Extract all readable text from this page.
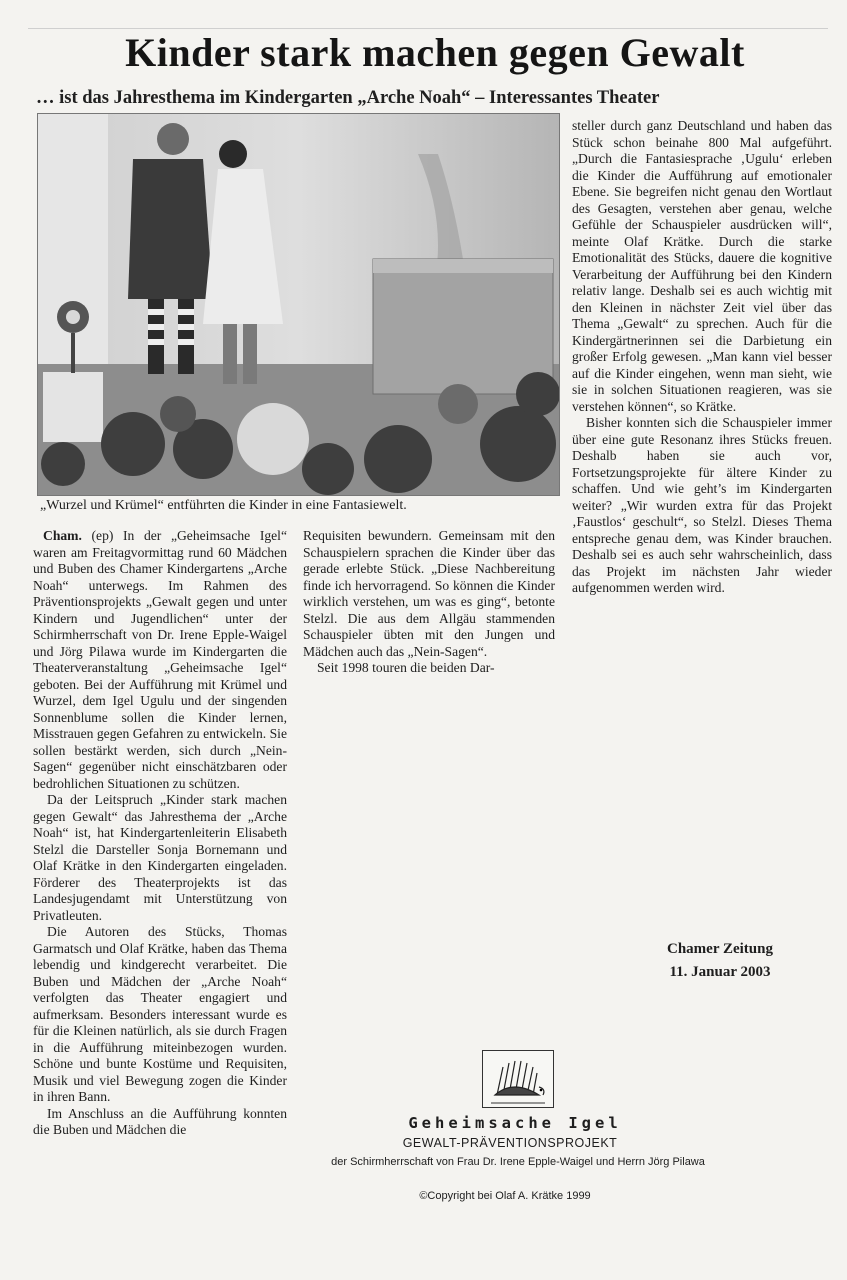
Kinder stark machen gegen Gewalt
… ist das Jahresthema im Kindergarten „Arche Noah“ – Interessantes Theater
„Wurzel und Krümel“ entführten die Kinder in eine Fantasiewelt.

Cham. (ep) In der „Geheimsache Igel“ waren am Freitagvormittag rund 60 Mädchen und Buben des Chamer Kindergartens „Arche Noah“ unterwegs. Im Rahmen des Präventionsprojekts „Gewalt gegen und unter Kindern und Jugendlichen“ unter der Schirmherrschaft von Dr. Irene Epple-Waigel und Jörg Pilawa wurde im Kindergarten die Theaterveranstaltung „Geheimsache Igel“ geboten. Bei der Aufführung mit Krümel und Wurzel, dem Igel Ugulu und der singenden Sonnenblume sollen die Kinder lernen, Misstrauen gegen Gefahren zu entwickeln. Sie sollen bestärkt werden, sich durch „Nein-Sagen“ gegenüber nicht einschätzbaren oder bedrohlichen Situationen zu schützen.

Da der Leitspruch „Kinder stark machen gegen Gewalt“ das Jahresthema der „Arche Noah“ ist, hat Kindergartenleiterin Elisabeth Stelzl die Darsteller Sonja Bornemann und Olaf Krätke in den Kindergarten eingeladen. Förderer des Theaterprojekts ist das Landesjugendamt mit Unterstützung von Privatleuten.

Die Autoren des Stücks, Thomas Garmatsch und Olaf Krätke, haben das Thema lebendig und kindgerecht verarbeitet. Die Buben und Mädchen der „Arche Noah“ verfolgten das Theater engagiert und aufmerksam. Besonders interessant wurde es für die Kleinen natürlich, als sie durch Fragen in die Aufführung miteinbezogen wurden. Schöne und bunte Kostüme und Requisiten, Musik und viel Bewegung zogen die Kinder in ihren Bann.

Im Anschluss an die Aufführung konnten die Buben und Mädchen die

Requisiten bewundern. Gemeinsam mit den Schauspielern sprachen die Kinder über das gerade erlebte Stück. „Diese Nachbereitung finde ich hervorragend. So können die Kinder wirklich verstehen, um was es ging“, betonte Stelzl. Die aus dem Allgäu stammenden Schauspieler übten mit den Jungen und Mädchen auch das „Nein-Sagen“.

Seit 1998 touren die beiden Dar-

steller durch ganz Deutschland und haben das Stück schon beinahe 800 Mal aufgeführt. „Durch die Fantasiesprache ‚Ugulu‘ erleben die Kinder die Aufführung auf emotionaler Ebene. Sie begreifen nicht genau den Wortlaut des Gesagten, verstehen aber genau, welche Gefühle der Schauspieler ausdrücken will“, meinte Olaf Krätke. Durch die starke Emotionalität des Stücks, dauere die kognitive Verarbeitung der Aufführung bei den Kindern relativ lange. Deshalb sei es auch wichtig mit den Kleinen in nächster Zeit viel über das Thema „Gewalt“ zu sprechen. Auch für die Kindergärtnerinnen sei die Darbietung ein großer Erfolg gewesen. „Man kann viel besser auf die Kinder eingehen, wenn man sieht, wie sie in solchen Situationen reagieren, was sie verstehen können“, so Krätke.

Bisher konnten sich die Schauspieler immer über eine gute Resonanz ihres Stücks freuen. Deshalb haben sie auch vor, Fortsetzungsprojekte für ältere Kinder zu schaffen. Und wie geht’s im Kindergarten weiter? „Wir wurden extra für das Projekt ‚Faustlos‘ geschult“, so Stelzl. Dieses Thema entspreche genau dem, was Kinder brauchen. Deshalb sei es auch sehr wahrscheinlich, dass das Projekt im nächsten Jahr wieder aufgenommen werden wird.

Chamer Zeitung
11. Januar 2003
Geheimsache Igel
GEWALT-PRÄVENTIONSPROJEKT
der Schirmherrschaft von Frau Dr. Irene Epple-Waigel und Herrn Jörg Pilawa
©Copyright bei Olaf A. Krätke 1999
